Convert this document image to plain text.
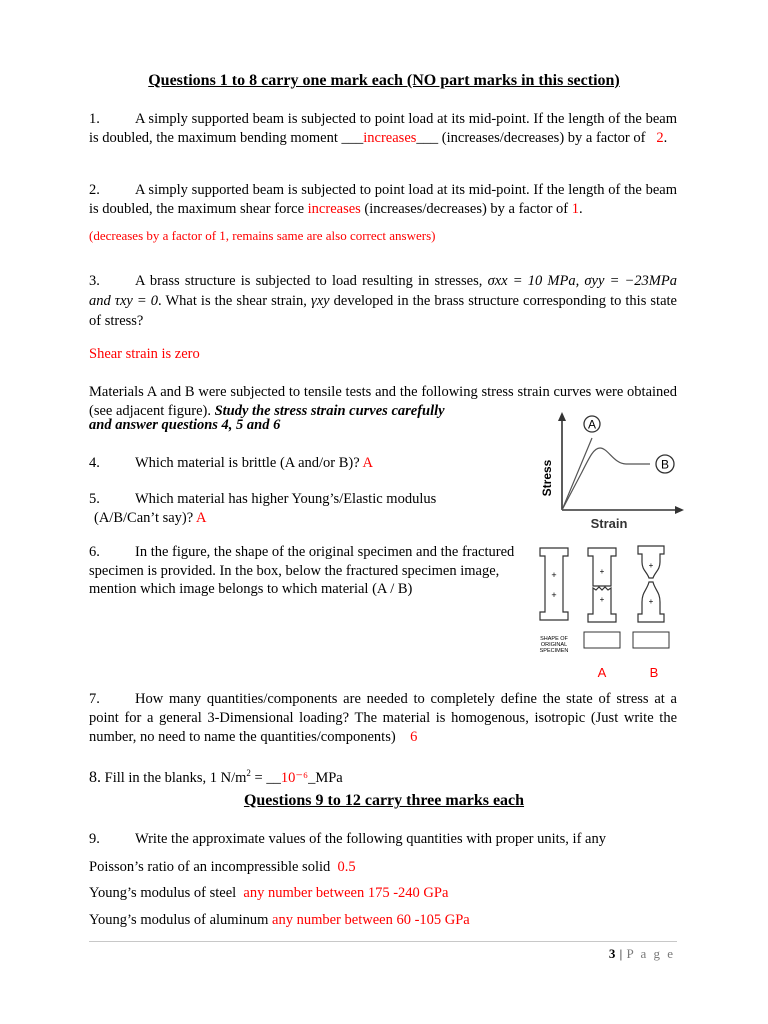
Questions 1 to 8 carry one mark each (NO part marks in this section)
1. A simply supported beam is subjected to point load at its mid-point. If the length of the beam is doubled, the maximum bending moment ___increases___ (increases/decreases) by a factor of 2.
2. A simply supported beam is subjected to point load at its mid-point. If the length of the beam is doubled, the maximum shear force increases (increases/decreases) by a factor of 1.
(decreases by a factor of 1, remains same are also correct answers)
3. A brass structure is subjected to load resulting in stresses, σxx = 10 MPa, σyy = −23MPa and τxy = 0. What is the shear strain, γxy developed in the brass structure corresponding to this state of stress?
Shear strain is zero
Materials A and B were subjected to tensile tests and the following stress strain curves were obtained (see adjacent figure). Study the stress strain curves carefully
and answer questions 4, 5 and 6
4. Which material is brittle (A and/or B)? A
5. Which material has higher Young’s/Elastic modulus
(A/B/Can’t say)? A
6. In the figure, the shape of the original specimen and the fractured
specimen is provided. In the box, below the fractured specimen image,
mention which image belongs to which material (A / B)
A
B
Stress
Strain
+
+
SHAPE OF
ORIGINAL
SPECIMEN
+
+
+
+
A	B
7. How many quantities/components are needed to completely define the state of stress at a point for a general 3-Dimensional loading? The material is homogenous, isotropic (Just write the number, no need to name the quantities/components) 6
8. Fill in the blanks, 1 $N/m^2$ = __10⁻⁶_MPa
Questions 9 to 12 carry three marks each
9. Write the approximate values of the following quantities with proper units, if any
Poisson’s ratio of an incompressible solid 0.5
Young’s modulus of steel any number between 175 -240 GPa
Young’s modulus of aluminum any number between 60 -105 GPa
3 | P a g e
